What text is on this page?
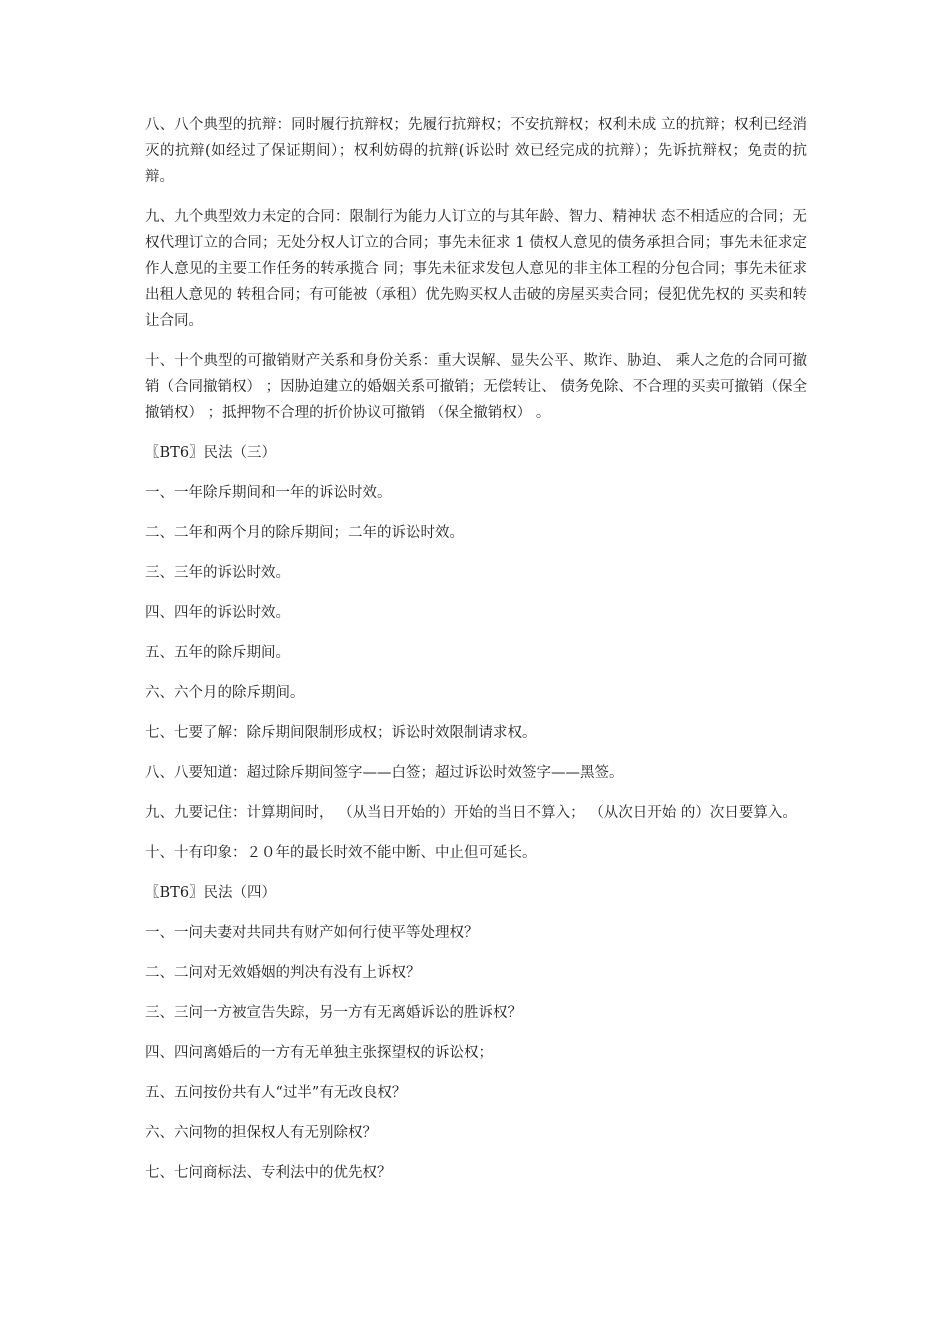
八、八个典型的抗辩：同时履行抗辩权；先履行抗辩权；不安抗辩权；权利未成 立的抗辩；权利已经消灭的抗辩(如经过了保证期间）；权利妨碍的抗辩(诉讼时 效已经完成的抗辩）；先诉抗辩权；免责的抗辩。

九、九个典型效力未定的合同：限制行为能力人订立的与其年龄、智力、精神状 态不相适应的合同；无权代理订立的合同；无处分权人订立的合同；事先未征求 1 债权人意见的债务承担合同；事先未征求定作人意见的主要工作任务的转承揽合 同；事先未征求发包人意见的非主体工程的分包合同；事先未征求出租人意见的 转租合同；有可能被（承租）优先购买权人击破的房屋买卖合同；侵犯优先权的 买卖和转让合同。

十、十个典型的可撤销财产关系和身份关系：重大误解、显失公平、欺诈、胁迫、 乘人之危的合同可撤销（合同撤销权） ；因胁迫建立的婚姻关系可撤销；无偿转让、 债务免除、不合理的买卖可撤销（保全撤销权） ；抵押物不合理的折价协议可撤销 （保全撤销权） 。

〖BT6〗民法（三）

一、一年除斥期间和一年的诉讼时效。

二、二年和两个月的除斥期间；二年的诉讼时效。

三、三年的诉讼时效。

四、四年的诉讼时效。

五、五年的除斥期间。

六、六个月的除斥期间。

七、七要了解：除斥期间限制形成权；诉讼时效限制请求权。

八、八要知道：超过除斥期间签字——白签；超过诉讼时效签字——黑签。

九、九要记住：计算期间时， （从当日开始的）开始的当日不算入； （从次日开始 的）次日要算入。

十、十有印象：２０年的最长时效不能中断、中止但可延长。

〖BT6〗民法（四）

一、一问夫妻对共同共有财产如何行使平等处理权？

二、二问对无效婚姻的判决有没有上诉权？

三、三问一方被宣告失踪，另一方有无离婚诉讼的胜诉权？

四、四问离婚后的一方有无单独主张探望权的诉讼权；

五、五问按份共有人“过半”有无改良权？

六、六问物的担保权人有无别除权？

七、七问商标法、专利法中的优先权？
